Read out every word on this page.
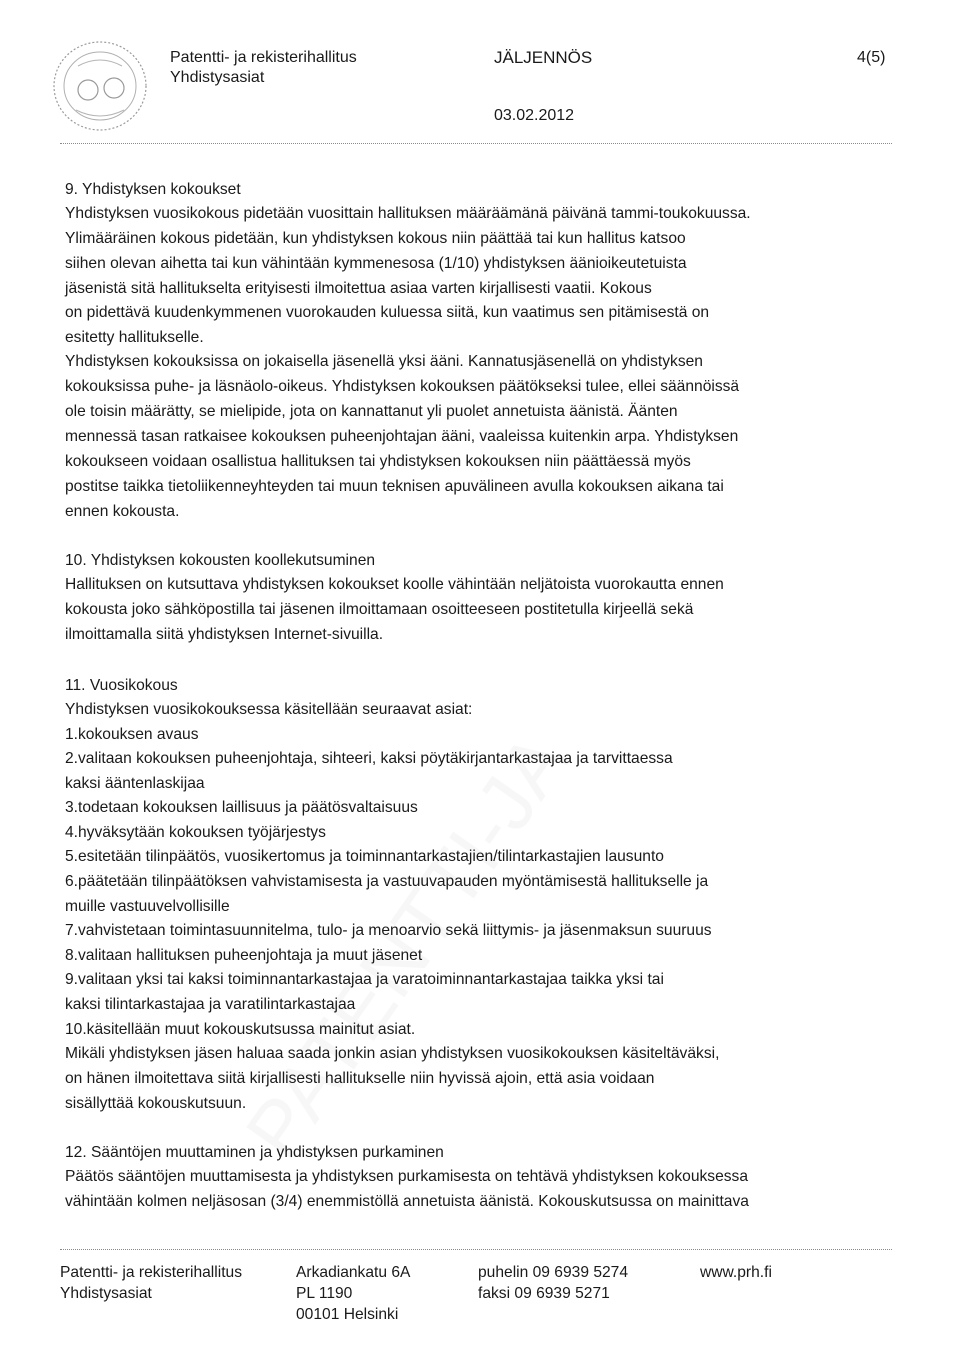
Patentti- ja rekisterihallitus
Yhdistysasiat
JÄLJENNÖS	4(5)
03.02.2012
9. Yhdistyksen kokoukset
Yhdistyksen vuosikokous pidetään vuosittain hallituksen määräämänä päivänä tammi-toukokuussa.
Ylimääräinen kokous pidetään, kun yhdistyksen kokous niin päättää tai kun hallitus katsoo
siihen olevan aihetta tai kun vähintään kymmenesosa (1/10) yhdistyksen äänioikeutetuista
jäsenistä sitä hallitukselta erityisesti ilmoitettua asiaa varten kirjallisesti vaatii. Kokous
on pidettävä kuudenkymmenen vuorokauden kuluessa siitä, kun vaatimus sen pitämisestä on
esitetty hallitukselle.
Yhdistyksen kokouksissa on jokaisella jäsenellä yksi ääni. Kannatusjäsenellä on yhdistyksen
kokouksissa puhe- ja läsnäolo-oikeus. Yhdistyksen kokouksen päätökseksi tulee, ellei säännöissä
ole toisin määrätty, se mielipide, jota on kannattanut yli puolet annetuista äänistä. Äänten
mennessä tasan ratkaisee kokouksen puheenjohtajan ääni, vaaleissa kuitenkin arpa. Yhdistyksen
kokoukseen voidaan osallistua hallituksen tai yhdistyksen kokouksen niin päättäessä myös
postitse taikka tietoliikenneyhteyden tai muun teknisen apuvälineen avulla kokouksen aikana tai
ennen kokousta.
10. Yhdistyksen kokousten koollekutsuminen
Hallituksen on kutsuttava yhdistyksen kokoukset koolle vähintään neljätoista vuorokautta ennen
kokousta joko sähköpostilla tai jäsenen ilmoittamaan osoitteeseen postitetulla kirjeellä sekä
ilmoittamalla siitä yhdistyksen Internet-sivuilla.
11. Vuosikokous
Yhdistyksen vuosikokouksessa käsitellään seuraavat asiat:
1.kokouksen avaus
2.valitaan kokouksen puheenjohtaja, sihteeri, kaksi pöytäkirjantarkastajaa ja tarvittaessa
kaksi ääntenlaskijaa
3.todetaan kokouksen laillisuus ja päätösvaltaisuus
4.hyväksytään kokouksen työjärjestys
5.esitetään tilinpäätös, vuosikertomus ja toiminnantarkastajien/tilintarkastajien lausunto
6.päätetään tilinpäätöksen vahvistamisesta ja vastuuvapauden myöntämisestä hallitukselle ja
muille vastuuvelvollisille
7.vahvistetaan toimintasuunnitelma, tulo- ja menoarvio sekä liittymis- ja jäsenmaksun suuruus
8.valitaan hallituksen puheenjohtaja ja muut jäsenet
9.valitaan yksi tai kaksi toiminnantarkastajaa ja varatoiminnantarkastajaa taikka yksi tai
kaksi tilintarkastajaa ja varatilintarkastajaa
10.käsitellään muut kokouskutsussa mainitut asiat.
Mikäli yhdistyksen jäsen haluaa saada jonkin asian yhdistyksen vuosikokouksen käsiteltäväksi,
on hänen ilmoitettava siitä kirjallisesti hallitukselle niin hyvissä ajoin, että asia voidaan
sisällyttää kokouskutsuun.
12. Sääntöjen muuttaminen ja yhdistyksen purkaminen
Päätös sääntöjen muuttamisesta ja yhdistyksen purkamisesta on tehtävä yhdistyksen kokouksessa
vähintään kolmen neljäsosan (3/4) enemmistöllä annetuista äänistä. Kokouskutsussa on mainittava
Patentti- ja rekisterihallitus
Yhdistysasiat
Arkadiankatu 6A
PL 1190
00101 Helsinki
puhelin 09 6939 5274
faksi 09 6939 5271
www.prh.fi
